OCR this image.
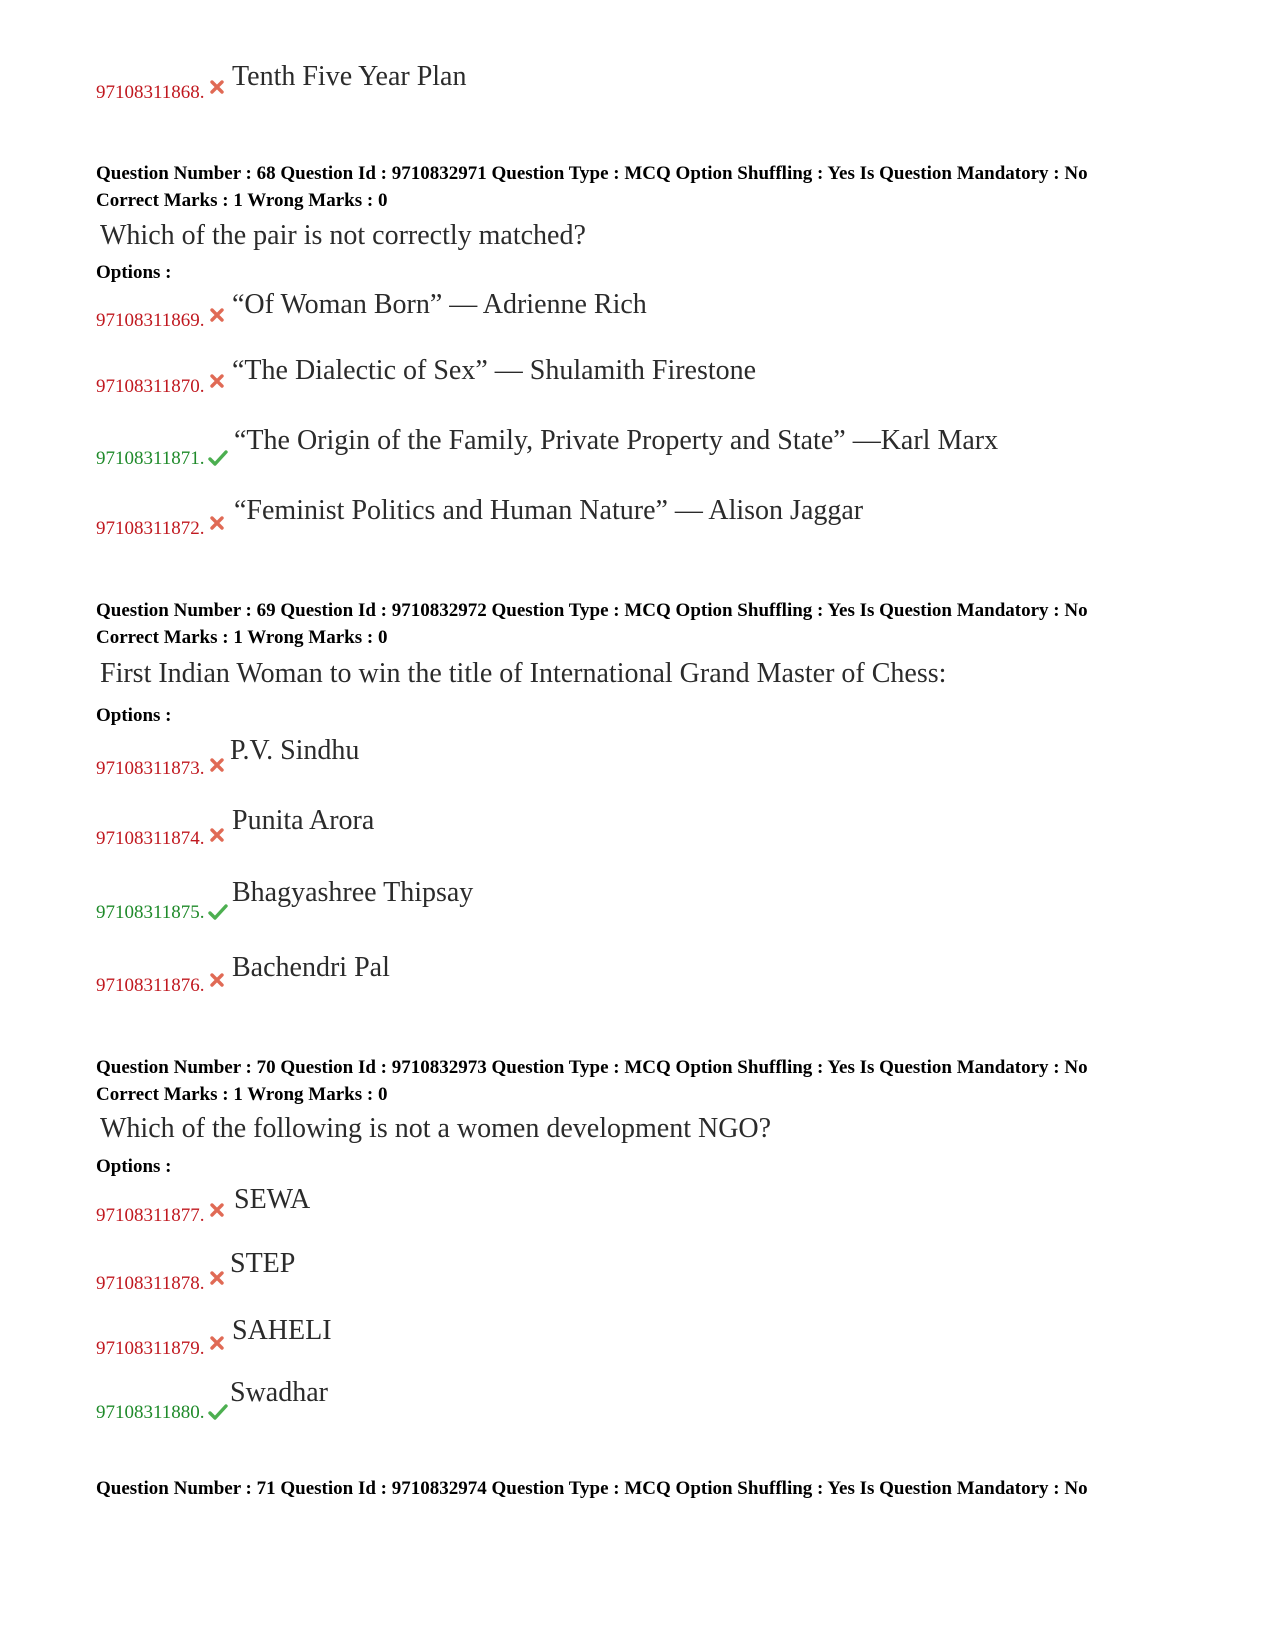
97108311868.
Tenth Five Year Plan
Question Number : 68 Question Id : 9710832971 Question Type : MCQ Option Shuffling : Yes Is Question Mandatory : No
Correct Marks : 1 Wrong Marks : 0
Which of the pair is not correctly matched?
Options :
97108311869.
“Of Woman Born” — Adrienne Rich
97108311870.
“The Dialectic of Sex” — Shulamith Firestone
97108311871.
“The Origin of the Family, Private Property and State” —Karl Marx
97108311872.
“Feminist Politics and Human Nature” — Alison Jaggar
Question Number : 69 Question Id : 9710832972 Question Type : MCQ Option Shuffling : Yes Is Question Mandatory : No
Correct Marks : 1 Wrong Marks : 0
First Indian Woman to win the title of International Grand Master of Chess:
Options :
97108311873.
P.V. Sindhu
97108311874.
Punita Arora
97108311875.
Bhagyashree Thipsay
97108311876.
Bachendri Pal
Question Number : 70 Question Id : 9710832973 Question Type : MCQ Option Shuffling : Yes Is Question Mandatory : No
Correct Marks : 1 Wrong Marks : 0
Which of the following is not a women development NGO?
Options :
97108311877.
SEWA
97108311878.
STEP
97108311879.
SAHELI
97108311880.
Swadhar
Question Number : 71 Question Id : 9710832974 Question Type : MCQ Option Shuffling : Yes Is Question Mandatory : No
